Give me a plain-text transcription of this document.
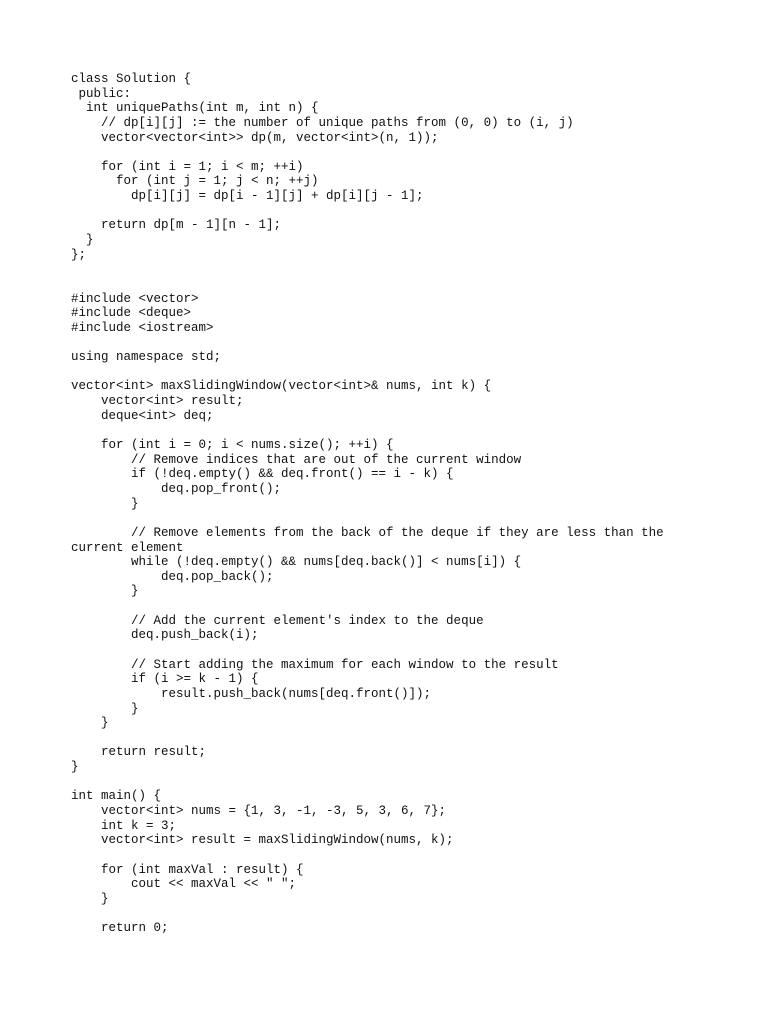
class Solution {
public:
int uniquePaths(int m, int n) {
// dp[i][j] := the number of unique paths from (0, 0) to (i, j)
vector<vector<int>> dp(m, vector<int>(n, 1));
for (int i = 1; i < m; ++i)
for (int j = 1; j < n; ++j)
dp[i][j] = dp[i - 1][j] + dp[i][j - 1];
return dp[m - 1][n - 1];
}
};
#include <vector>
#include <deque>
#include <iostream>
using namespace std;
vector<int> maxSlidingWindow(vector<int>& nums, int k) {
vector<int> result;
deque<int> deq;
for (int i = 0; i < nums.size(); ++i) {
// Remove indices that are out of the current window
if (!deq.empty() && deq.front() == i - k) {
deq.pop_front();
}
// Remove elements from the back of the deque if they are less than the
current element
while (!deq.empty() && nums[deq.back()] < nums[i]) {
deq.pop_back();
}
// Add the current element's index to the deque
deq.push_back(i);
// Start adding the maximum for each window to the result
if (i >= k - 1) {
result.push_back(nums[deq.front()]);
}
}
return result;
}
int main() {
vector<int> nums = {1, 3, -1, -3, 5, 3, 6, 7};
int k = 3;
vector<int> result = maxSlidingWindow(nums, k);
for (int maxVal : result) {
cout << maxVal << " ";
}
return 0;
